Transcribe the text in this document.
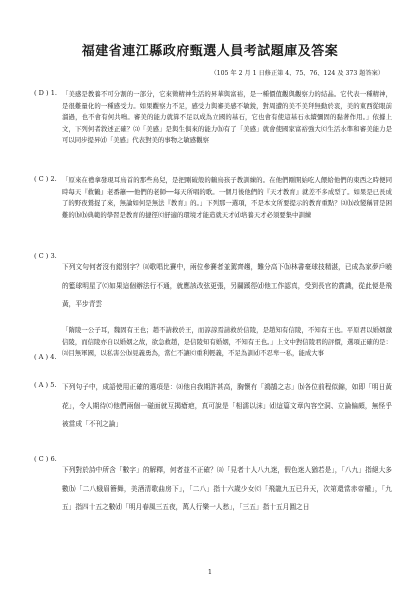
福建省連江縣政府甄選人員考試題庫及答案
（105 年 2 月 1 日修正第 4、75、76、124 及 373 題答案）
( D ) 1. 「美感是教養不可分割的一部分，它來徵精神生活的昇華與富裕，是一種價值觀與觀察力的結晶。它代表一種精神，是很難量化的一種感受力。如果觀察力不足，感受力與審美感不敏銳，對周遭的美不美拜無動於衷，美的東西從眼前溜過，也不會有何共鳴。審美的能力就算不足以成為立國的基石，它也會有使這基石永續彌固的黏著作用。」依據上文，下列何者敘述正確？⒜「美感」是與生俱來的能力⒝有了「美感」就會使國家富裕強大⒞生活水準和審美能力是可以同步提昇⒟「美感」代表對美的事物之敏感觀察
( C ) 2. 「原來在禮拿發現耳鳥首的那些鳥兒，是把剛破殼的鶴鳥孩子教訓練的。在他們剛開始吃人餵給他們的東西之時便同時每天『救鶴』老番簫──他們的老師──每天所唱的歌。一個月後他們的『天才教育』就差不多成型了。如果是已長成了的野夜鶯捉了來，無論如何是無法『教育』的。」下列那一選項，不是本文所要提示的教育重點？⒜⒝改變稱冒是困難的⒝⒝典範的學習是教育的捷徑⒞舒適的環境才能造就天才⒟培養天才必須要集中訓練
( C ) 3.
下列文句何者沒有錯別字？⒜歌唱比賽中，兩位參賽者並駕齊趨，難分高下⒝林書豪球技精湛，已成為家夢戶曉的籃球明星了⒞如果這個辦法行不通，就應該改弦更張，另闢蹊徑⒟他工作認真，受到長官的賞識，從此便是飛黃，平步青雲
( A ) 4.
「隋陵一公子耳，魏固有王也；趙不請救於王，而諄諄焉請救於信陵，是趙知有信陵，不知有王也。平原君以婚姻激信陵，而信陵亦自以婚姻之故，欲急救趙，是信陵知有婚姻，不知有王也。」上文中對信陵君的評價，選項正確的是：⒜目無軍國，以私害公⒝見義勇為，當仁不讓⒞重利輕義，不足為訓⒟不忍卑一私，能成大事
( A ) 5. 下列句子中，成語使用正確的選項是：⒜他自我期許甚高，胸懷有「鴻鵠之志」⒝各位前程似錦，如即「明日黃花」，令人期待⒞他們兩個一碰面就互揭瘡疤，真可說是「相濡以沫」⒟這篇文章內容空洞、立論偏頗，無怪乎被當成「不刊之論」
( C ) 6.
下列對於詩中所含「數字」的解釋，何者並不正確？⒜「見者十人八九迷，假色迷人猶若是」，「八九」指絕大多數⒝「二八蛾眉簪舞，美酒清歌曲房下」，「二八」指十六歲少女⒞「飛龍九五已升天，次第還當赤帝權」，「九五」指四十五之數⒟「明月春風三五夜，萬人行樂一人愁」，「三五」指十五月圓之日
1
